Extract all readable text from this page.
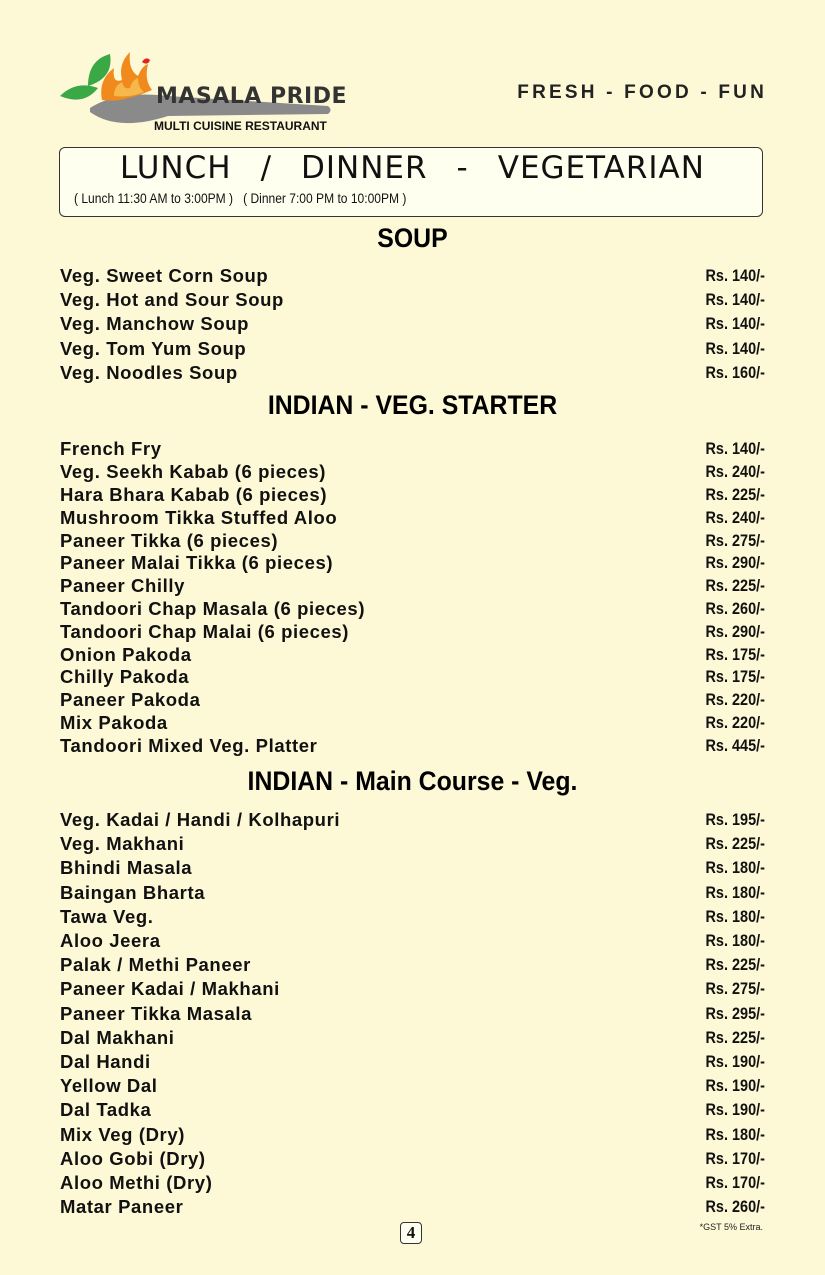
MASALA PRIDE
MULTI CUISINE RESTAURANT
FRESH - FOOD - FUN
LUNCH / DINNER - VEGETARIAN
( Lunch 11:30 AM to 3:00PM )   ( Dinner 7:00 PM to 10:00PM )
SOUP
Veg. Sweet Corn Soup	Rs. 140/-
Veg. Hot and Sour Soup	Rs. 140/-
Veg. Manchow Soup	Rs. 140/-
Veg. Tom Yum Soup	Rs. 140/-
Veg. Noodles Soup	Rs. 160/-
INDIAN - VEG. STARTER
French Fry	Rs. 140/-
Veg. Seekh Kabab (6 pieces)	Rs. 240/-
Hara Bhara Kabab (6 pieces)	Rs. 225/-
Mushroom Tikka Stuffed Aloo	Rs. 240/-
Paneer Tikka (6 pieces)	Rs. 275/-
Paneer Malai Tikka (6 pieces)	Rs. 290/-
Paneer Chilly	Rs. 225/-
Tandoori Chap Masala (6 pieces)	Rs. 260/-
Tandoori Chap Malai (6 pieces)	Rs. 290/-
Onion Pakoda	Rs. 175/-
Chilly Pakoda	Rs. 175/-
Paneer Pakoda	Rs. 220/-
Mix Pakoda	Rs. 220/-
Tandoori Mixed Veg. Platter	Rs. 445/-
INDIAN - Main Course - Veg.
Veg. Kadai / Handi / Kolhapuri	Rs. 195/-
Veg. Makhani	Rs. 225/-
Bhindi Masala	Rs. 180/-
Baingan Bharta	Rs. 180/-
Tawa Veg.	Rs. 180/-
Aloo Jeera	Rs. 180/-
Palak / Methi Paneer	Rs. 225/-
Paneer Kadai / Makhani	Rs. 275/-
Paneer Tikka Masala	Rs. 295/-
Dal Makhani	Rs. 225/-
Dal Handi	Rs. 190/-
Yellow Dal	Rs. 190/-
Dal Tadka	Rs. 190/-
Mix Veg (Dry)	Rs. 180/-
Aloo Gobi (Dry)	Rs. 170/-
Aloo Methi (Dry)	Rs. 170/-
Matar Paneer	Rs. 260/-
4	*GST 5% Extra.
